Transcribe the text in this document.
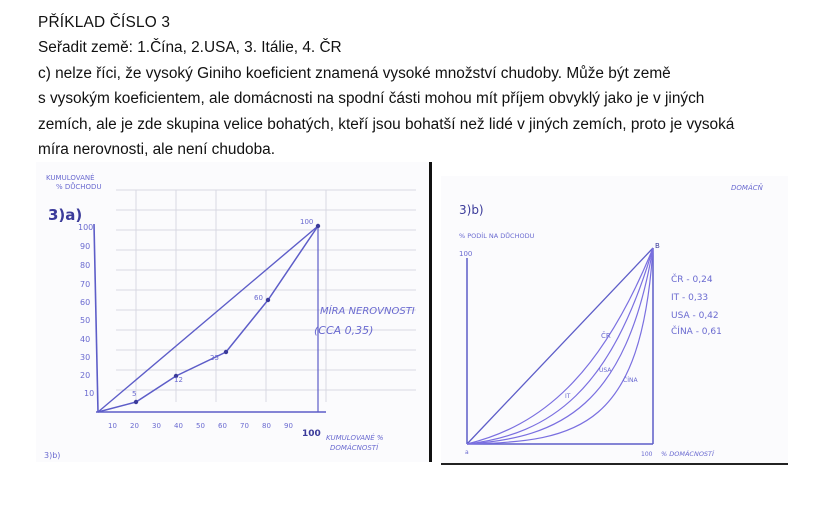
PŘÍKLAD ČÍSLO 3

Seřadit země: 1.Čína, 2.USA, 3. Itálie, 4. ČR

c) nelze říci, že vysoký Giniho koeficient znamená vysoké množství chudoby. Může být země

s vysokým koeficientem, ale domácnosti na spodní části mohou mít příjem obvyklý jako je v jiných

zemích, ale je zde skupina velice bohatých, kteří jsou bohatší než lidé v jiných zemích, proto je vysoká

míra nerovnosti, ale není chudoba.

KUMULOVANÉ
% DŮCHODU
3)a)
100
90
80
70
60
50
40
30
20
10
10 20 30 40 50 60 70 80 90
100
5
12
25
60
100
MÍRA NEROVNOSTI
(CCA 0,35)
KUMULOVANÉ %
DOMÁCNOSTÍ
3)b)
DOMÁCŇ
3)b)
% PODÍL NA DŮCHODU
100
ČR
IT
USA
ČÍNA
B
a
ČR - 0,24
IT - 0,33
USA - 0,42
ČÍNA - 0,61
100 % DOMÁCNOSTÍ
